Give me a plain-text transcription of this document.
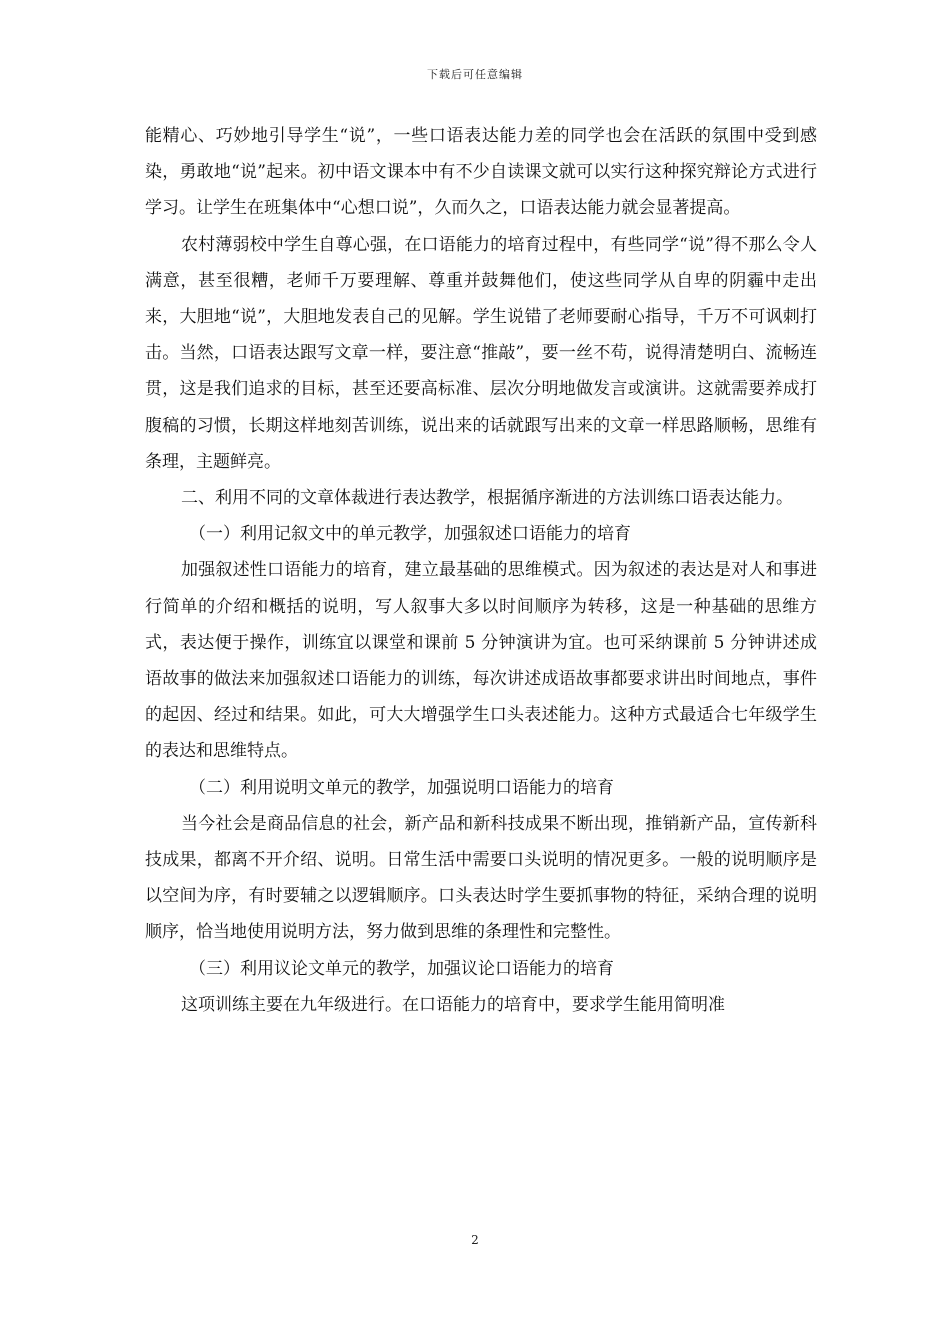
下载后可任意编辑

能精心、巧妙地引导学生“说”，一些口语表达能力差的同学也会在活跃的氛围中受到感染，勇敢地“说”起来。初中语文课本中有不少自读课文就可以实行这种探究辩论方式进行学习。让学生在班集体中“心想口说”，久而久之，口语表达能力就会显著提高。

农村薄弱校中学生自尊心强，在口语能力的培育过程中，有些同学“说”得不那么令人满意，甚至很糟，老师千万要理解、尊重并鼓舞他们，使这些同学从自卑的阴霾中走出来，大胆地“说”，大胆地发表自己的见解。学生说错了老师要耐心指导，千万不可讽刺打击。当然，口语表达跟写文章一样，要注意“推敲”，要一丝不苟，说得清楚明白、流畅连贯，这是我们追求的目标，甚至还要高标准、层次分明地做发言或演讲。这就需要养成打腹稿的习惯，长期这样地刻苦训练，说出来的话就跟写出来的文章一样思路顺畅，思维有条理，主题鲜亮。

二、利用不同的文章体裁进行表达教学，根据循序渐进的方法训练口语表达能力。

（一）利用记叙文中的单元教学，加强叙述口语能力的培育

加强叙述性口语能力的培育，建立最基础的思维模式。因为叙述的表达是对人和事进行简单的介绍和概括的说明，写人叙事大多以时间顺序为转移，这是一种基础的思维方式，表达便于操作，训练宜以课堂和课前 5 分钟演讲为宜。也可采纳课前 5 分钟讲述成语故事的做法来加强叙述口语能力的训练，每次讲述成语故事都要求讲出时间地点，事件的起因、经过和结果。如此，可大大增强学生口头表述能力。这种方式最适合七年级学生的表达和思维特点。

（二）利用说明文单元的教学，加强说明口语能力的培育

当今社会是商品信息的社会，新产品和新科技成果不断出现，推销新产品，宣传新科技成果，都离不开介绍、说明。日常生活中需要口头说明的情况更多。一般的说明顺序是以空间为序，有时要辅之以逻辑顺序。口头表达时学生要抓事物的特征，采纳合理的说明顺序，恰当地使用说明方法，努力做到思维的条理性和完整性。

（三）利用议论文单元的教学，加强议论口语能力的培育

这项训练主要在九年级进行。在口语能力的培育中，要求学生能用简明准

2
